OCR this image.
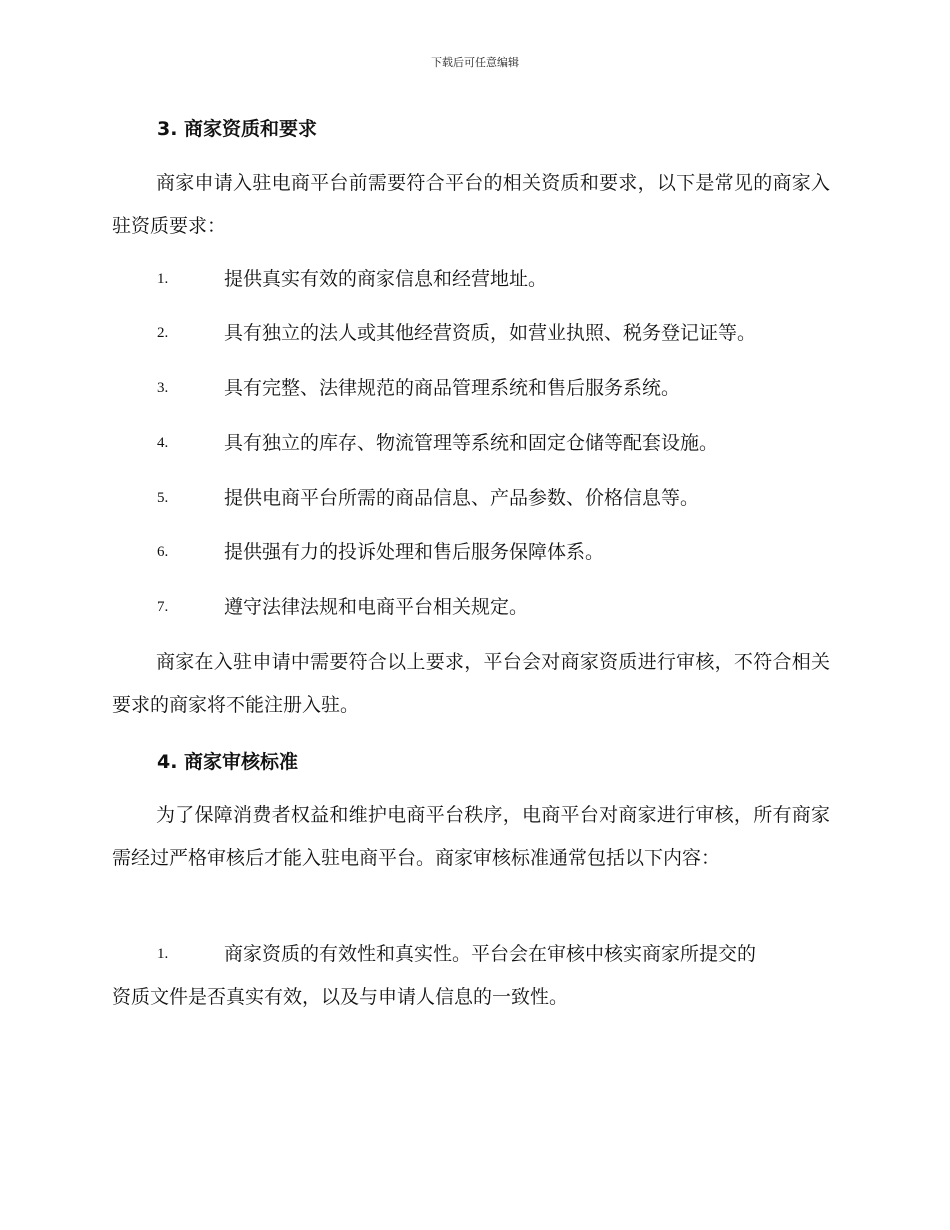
下载后可任意编辑
3. 商家资质和要求

商家申请入驻电商平台前需要符合平台的相关资质和要求，以下是常见的商家入驻资质要求：

1.	提供真实有效的商家信息和经营地址。
2.	具有独立的法人或其他经营资质，如营业执照、税务登记证等。
3.	具有完整、法律规范的商品管理系统和售后服务系统。
4.	具有独立的库存、物流管理等系统和固定仓储等配套设施。
5.	提供电商平台所需的商品信息、产品参数、价格信息等。
6.	提供强有力的投诉处理和售后服务保障体系。
7.	遵守法律法规和电商平台相关规定。

商家在入驻申请中需要符合以上要求，平台会对商家资质进行审核，不符合相关要求的商家将不能注册入驻。

4. 商家审核标准

为了保障消费者权益和维护电商平台秩序，电商平台对商家进行审核，所有商家需经过严格审核后才能入驻电商平台。商家审核标准通常包括以下内容：

1.	商家资质的有效性和真实性。平台会在审核中核实商家所提交的
资质文件是否真实有效，以及与申请人信息的一致性。
